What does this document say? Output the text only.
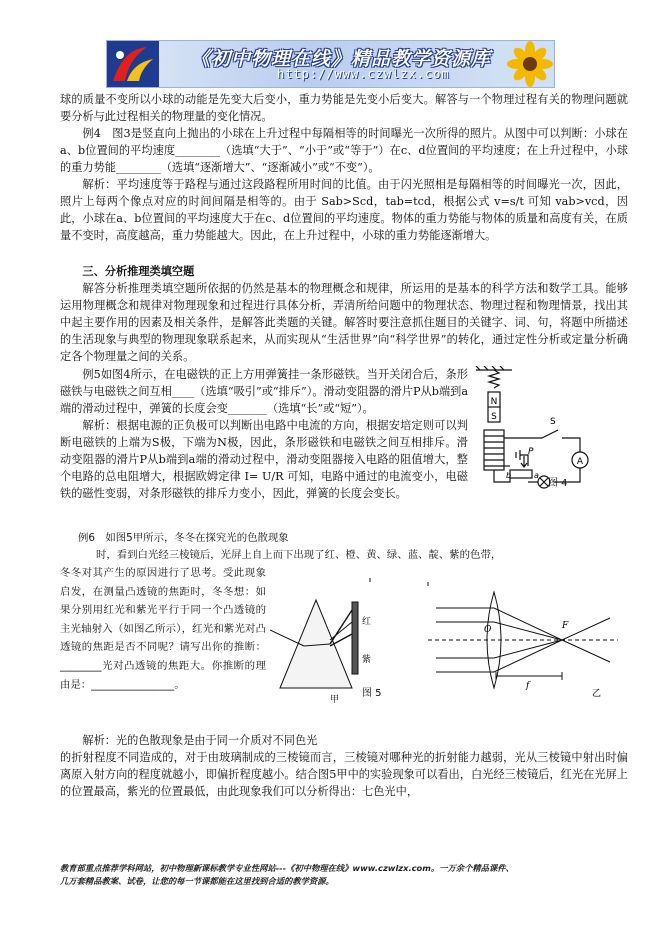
《初中物理在线》精品教学资源库
http://www.czwlzx.com

球的质量不变所以小球的动能是先变大后变小，重力势能是先变小后变大。解答与一个物理过程有关的物理问题就要分析与此过程相关的物理量的变化情况。

例4　图3是竖直向上抛出的小球在上升过程中每隔相等的时间曝光一次所得的照片。从图中可以判断：小球在a、b位置间的平均速度________（选填“大于”、“小于”或“等于”）在c、d位置间的平均速度；在上升过程中，小球的重力势能________（选填“逐渐增大”、“逐渐减小”或“不变”）。

解析：平均速度等于路程与通过这段路程所用时间的比值。由于闪光照相是每隔相等的时间曝光一次，因此，照片上每两个像点对应的时间间隔是相等的。由于 Sab>Scd，tab=tcd，根据公式 v=s/t 可知 vab>vcd，因此，小球在a、b位置间的平均速度大于在c、d位置间的平均速度。物体的重力势能与物体的质量和高度有关，在质量不变时，高度越高，重力势能越大。因此，在上升过程中，小球的重力势能逐渐增大。

三、分析推理类填空题

解答分析推理类填空题所依据的仍然是基本的物理概念和规律，所运用的是基本的科学方法和数学工具。能够运用物理概念和规律对物理现象和过程进行具体分析，弄清所给问题中的物理状态、物理过程和物理情景，找出其中起主要作用的因素及相关条件，是解答此类题的关键。解答时要注意抓住题目的关键字、词、句，将题中所描述的生活现象与典型的物理现象联系起来，从而实现从“生活世界”向“科学世界”的转化，通过定性分析或定量分析确定各个物理量之间的关系。

例5如图4所示，在电磁铁的正上方用弹簧挂一条形磁铁。当开关闭合后，条形磁铁与电磁铁之间互相____（选填“吸引”或“排斥”）。滑动变阻器的滑片P从b端到a端的滑动过程中，弹簧的长度会变_______（选填“长”或“短”）。

解析：根据电源的正负极可以判断出电路中电流的方向，根据安培定则可以判断电磁铁的上端为S极，下端为N极，因此，条形磁铁和电磁铁之间互相排斥。滑动变阻器的滑片P从b端到a端的滑动过程中，滑动变阻器接入电路的阻值增大，整个电路的总电阻增大，根据欧姆定律 I= U/R 可知，电路中通过的电流变小，电磁铁的磁性变弱，对条形磁铁的排斥力变小，因此，弹簧的长度会变长。

N
S	S
A
P
b	a
图 4
例6　如图5甲所示，冬冬在探究光的色散现象
时，看到白光经三棱镜后，光屏上自上而下出现了红、橙、黄、绿、蓝、靛、紫的色带，
冬冬对其产生的原因进行了思考。受此现象启发，在测量凸透镜的焦距时，冬冬想：如果分别用红光和紫光平行于同一个凸透镜的主光轴射入（如图乙所示），红光和紫光对凸透镜的焦距是否不同呢？请写出你的推断：________光对凸透镜的焦距大。你推断的理由是：________________。
红
紫
甲
乙
O	F
f
图 5

解析：光的色散现象是由于同一介质对不同色光

的折射程度不同造成的，对于由玻璃制成的三棱镜而言，三棱镜对哪种光的折射能力越弱，光从三棱镜中射出时偏离原入射方向的程度就越小，即偏折程度越小。结合图5甲中的实验现象可以看出，白光经三棱镜后，红光在光屏上的位置最高，紫光的位置最低，由此现象我们可以分析得出：七色光中，

教育部重点推荐学科网站，初中物理新课标教学专业性网站---《初中物理在线》www.czwlzx.com。一万余个精品课件、
几万套精品教案、试卷，让您的每一节课都能在这里找到合适的教学资源。
